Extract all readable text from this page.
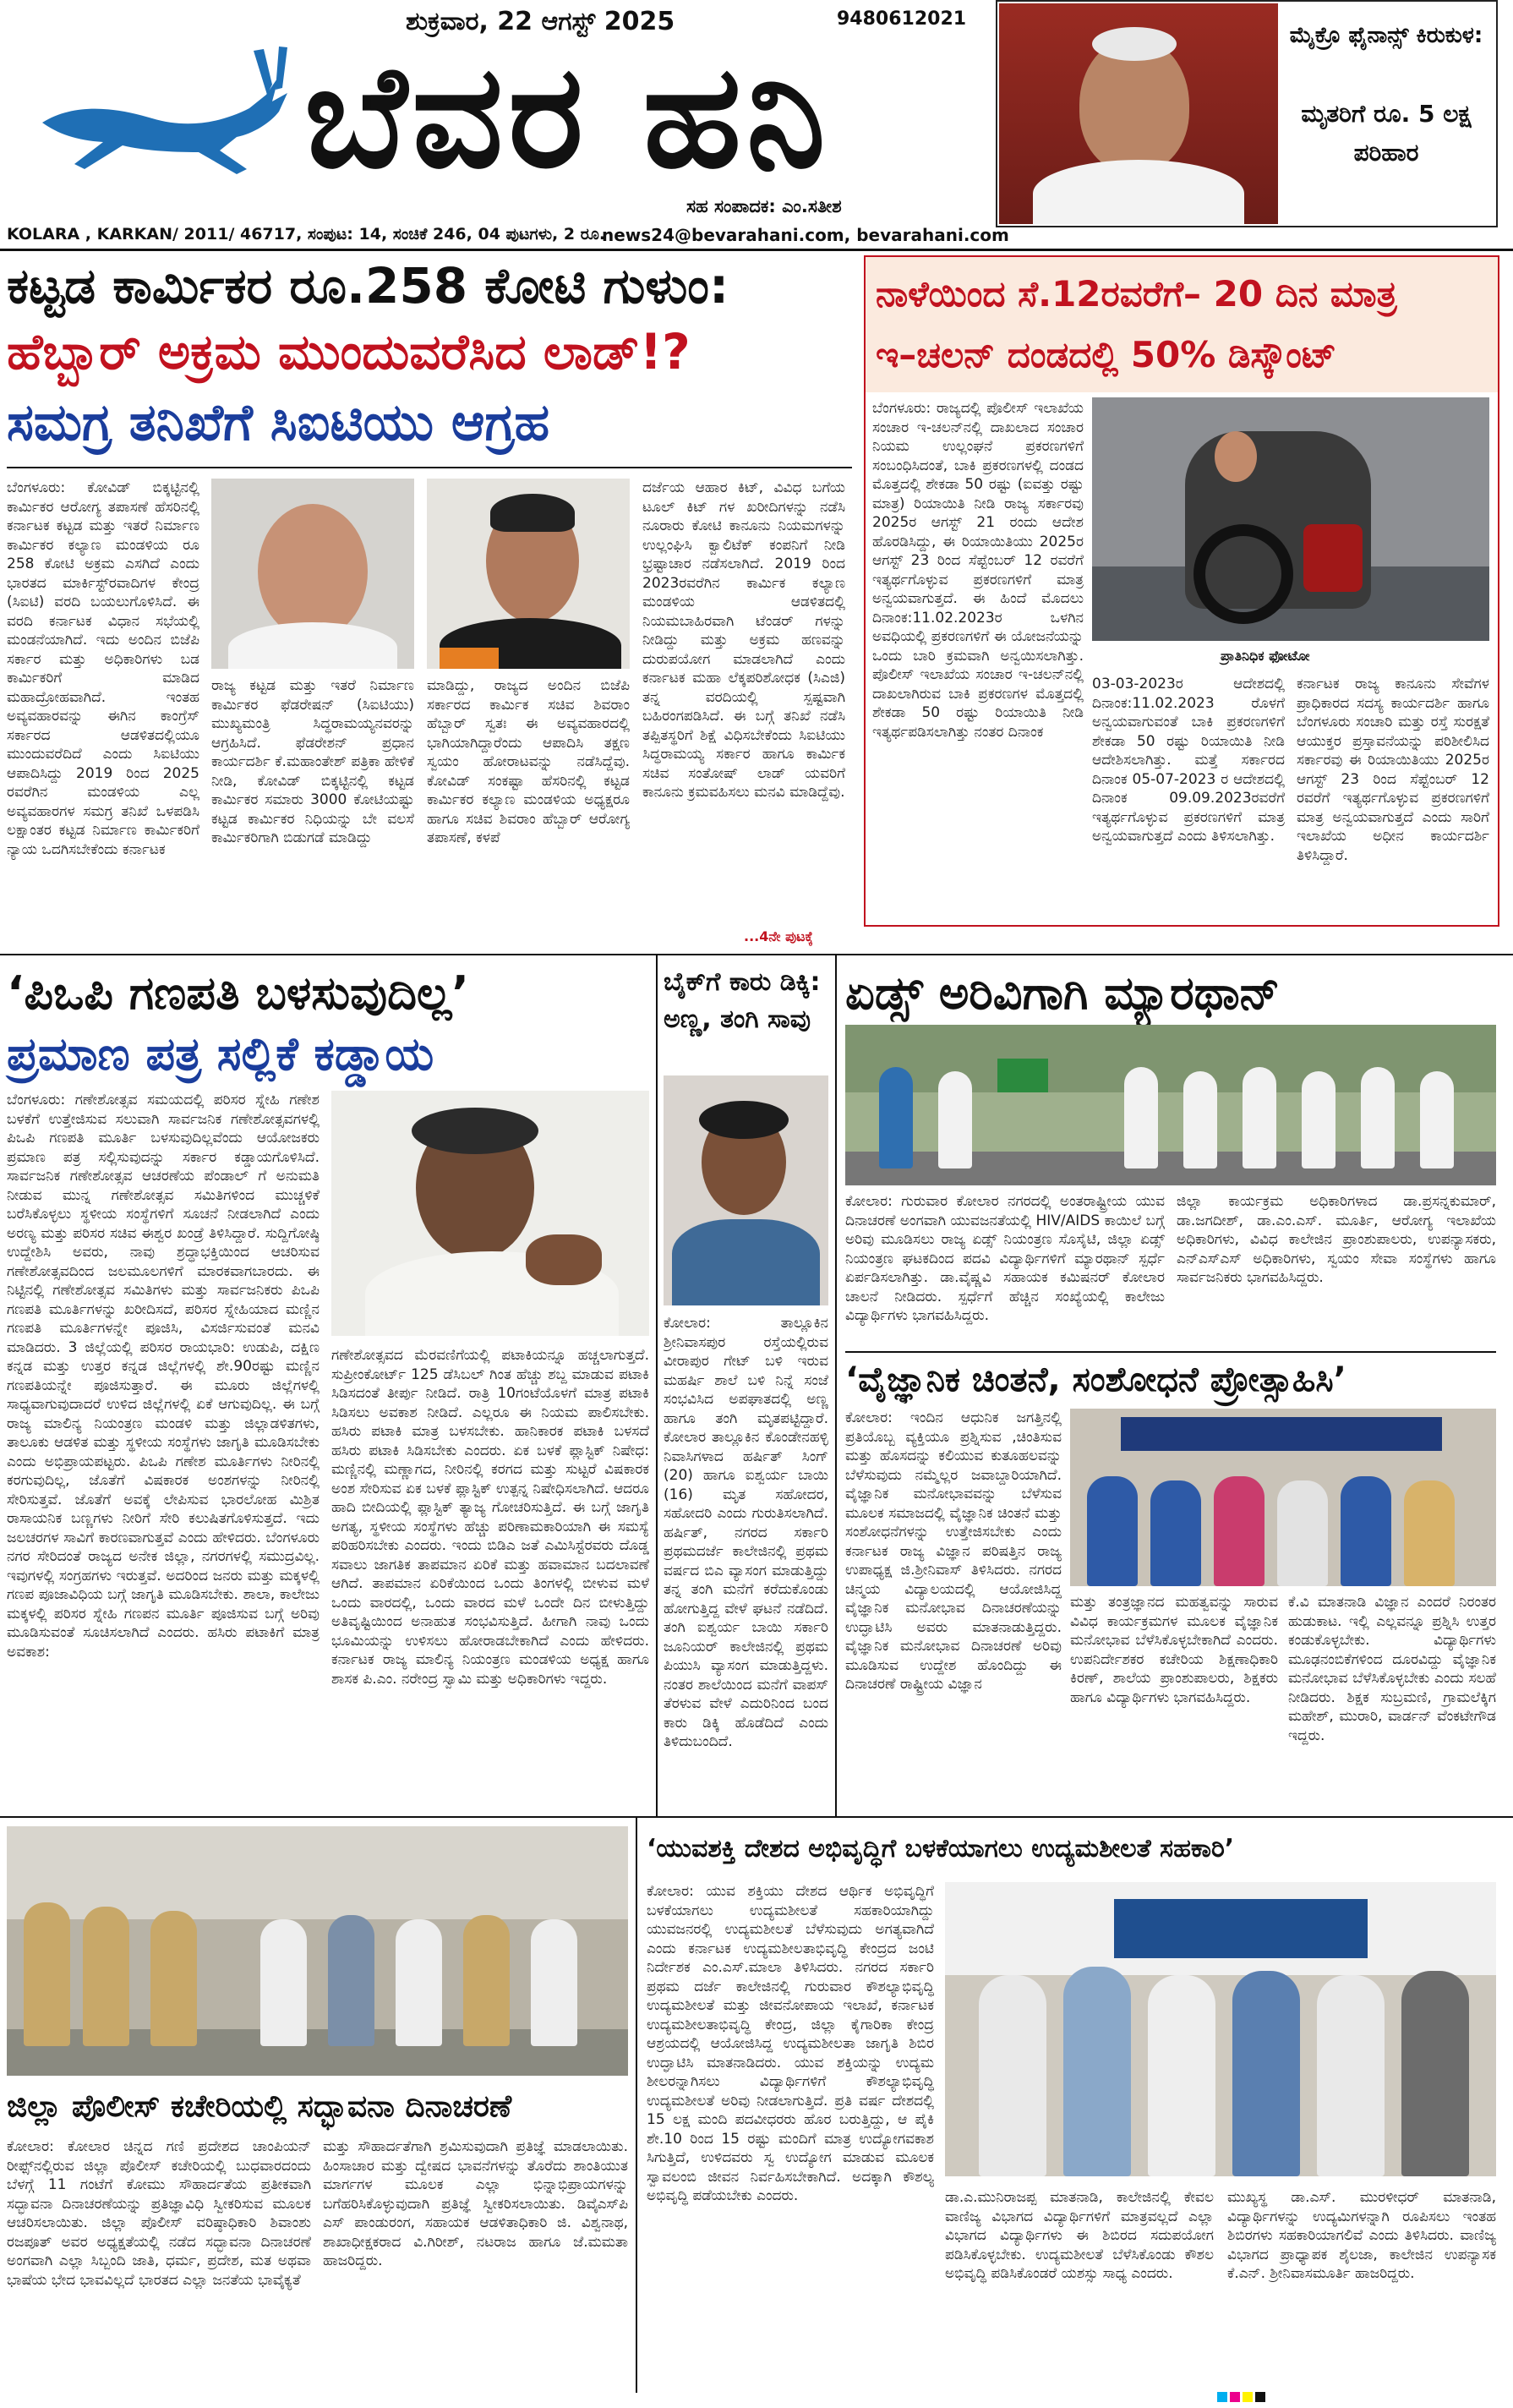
ಶುಕ್ರವಾರ, 22 ಆಗಸ್ಟ್ 2025	9480612021
ಬೆವರ ಹನಿ
ಸಹ ಸಂಪಾದಕ: ಎಂ.ಸತೀಶ
ಮೈಕ್ರೊ ಫೈನಾನ್ಸ್ ಕಿರುಕುಳ:
ಮೃತರಿಗೆ ರೂ. 5 ಲಕ್ಷ ಪರಿಹಾರ
KOLARA , KARKAN/ 2011/ 46717, ಸಂಪುಟ: 14, ಸಂಚಿಕೆ 246, 04 ಪುಟಗಳು, 2 ರೂ.
news24@bevarahani.com, bevarahani.com
ಕಟ್ಟಡ ಕಾರ್ಮಿಕರ ರೂ.258 ಕೋಟಿ ಗುಳುಂ:
ಹೆಬ್ಬಾರ್ ಅಕ್ರಮ ಮುಂದುವರೆಸಿದ ಲಾಡ್!?
ಸಮಗ್ರ ತನಿಖೆಗೆ ಸಿಐಟಿಯು ಆಗ್ರಹ
ಬೆಂಗಳೂರು: ಕೋವಿಡ್ ಬಿಕ್ಕಟ್ಟಿನಲ್ಲಿ ಕಾರ್ಮಿಕರ ಆರೋಗ್ಯ ತಪಾಸಣೆ ಹೆಸರಿನಲ್ಲಿ ಕರ್ನಾಟಕ ಕಟ್ಟಡ ಮತ್ತು ಇತರೆ ನಿರ್ಮಾಣ ಕಾರ್ಮಿಕರ ಕಲ್ಯಾಣ ಮಂಡಳಿಯ ರೂ 258 ಕೋಟಿ ಅಕ್ರಮ ಎಸಗಿದೆ ಎಂದು ಭಾರತದ ಮಾರ್ಕಿಸ್ಟ್‌ರವಾದಿಗಳ ಕೇಂದ್ರ (ಸಿಐಟಿ) ವರದಿ ಬಯಲುಗೊಳಿಸಿದೆ. ಈ ವರದಿ ಕರ್ನಾಟಕ ವಿಧಾನ ಸಭೆಯಲ್ಲಿ ಮಂಡನೆಯಾಗಿದೆ. ಇದು ಅಂದಿನ ಬಿಜೆಪಿ ಸರ್ಕಾರ ಮತ್ತು ಅಧಿಕಾರಿಗಳು ಬಡ ಕಾರ್ಮಿಕರಿಗೆ ಮಾಡಿದ ಮಹಾದ್ರೋಹವಾಗಿದೆ. ಇಂತಹ ಅವ್ಯವಹಾರವನ್ನು ಈಗಿನ ಕಾಂಗ್ರೆಸ್ ಸರ್ಕಾರದ ಆಡಳಿತದಲ್ಲಿಯೂ ಮುಂದುವರೆದಿದೆ ಎಂದು ಸಿಐಟಿಯು ಆಪಾದಿಸಿದ್ದು 2019 ರಿಂದ 2025 ರವರೆಗಿನ ಮಂಡಳಿಯ ಎಲ್ಲ ಅವ್ಯವಹಾರಗಳ ಸಮಗ್ರ ತನಿಖೆ ಒಳಪಡಿಸಿ ಲಕ್ಷಾಂತರ ಕಟ್ಟಡ ನಿರ್ಮಾಣ ಕಾರ್ಮಿಕರಿಗೆ ನ್ಯಾಯ ಒದಗಿಸಬೇಕೆಂದು ಕರ್ನಾಟಕ
ರಾಜ್ಯ ಕಟ್ಟಡ ಮತ್ತು ಇತರೆ ನಿರ್ಮಾಣ ಕಾರ್ಮಿಕರ ಫೆಡರೇಷನ್ (ಸಿಐಟಿಯು) ಮುಖ್ಯಮಂತ್ರಿ ಸಿದ್ಧರಾಮಯ್ಯನವರನ್ನು ಆಗ್ರಹಿಸಿದೆ. ಫೆಡರೇಶನ್ ಪ್ರಧಾನ ಕಾರ್ಯದರ್ಶಿ ಕೆ.ಮಹಾಂತೇಶ್ ಪತ್ರಿಕಾ ಹೇಳಿಕೆ ನೀಡಿ, ಕೋವಿಡ್ ಬಿಕ್ಕಟ್ಟಿನಲ್ಲಿ ಕಟ್ಟಡ ಕಾರ್ಮಿಕರ ಸಮಾರು 3000 ಕೋಟಿಯಷ್ಟು ಕಟ್ಟಡ ಕಾರ್ಮಿಕರ ನಿಧಿಯನ್ನು ಬೇ ವಲಸೆ ಕಾರ್ಮಿಕರಿಗಾಗಿ ಬಿಡುಗಡೆ ಮಾಡಿದ್ದು
ಮಾಡಿದ್ದು, ರಾಜ್ಯದ ಅಂದಿನ ಬಿಜೆಪಿ ಸರ್ಕಾರದ ಕಾರ್ಮಿಕ ಸಚಿವ ಶಿವರಾಂ ಹೆಬ್ಬಾರ್ ಸ್ವತಃ ಈ ಅವ್ಯವಹಾರದಲ್ಲಿ ಭಾಗಿಯಾಗಿದ್ದಾರೆಂದು ಆಪಾದಿಸಿ ತಕ್ಷಣ ಸ್ವಯಂ ಹೋರಾಟವನ್ನು ನಡೆಸಿದ್ದೆವು. ಕೋವಿಡ್ ಸಂಕಷ್ಟಾ ಹೆಸರಿನಲ್ಲಿ ಕಟ್ಟಡ ಕಾರ್ಮಿಕರ ಕಲ್ಯಾಣ ಮಂಡಳಿಯ ಅಧ್ಯಕ್ಷರೂ ಹಾಗೂ ಸಚಿವ ಶಿವರಾಂ ಹೆಬ್ಬಾರ್ ಆರೋಗ್ಯ ತಪಾಸಣೆ, ಕಳಪೆ
ದರ್ಜೆಯ ಆಹಾರ ಕಿಟ್, ವಿವಿಧ ಬಗೆಯ ಟೂಲ್ ಕಿಟ್ ಗಳ ಖರೀದಿಗಳನ್ನು ನಡೆಸಿ ನೂರಾರು ಕೋಟಿ ಕಾನೂನು ನಿಯಮಗಳನ್ನು ಉಲ್ಲಂಘಿಸಿ ಕ್ವಾಲಿಟೆಕ್ ಕಂಪನಿಗೆ ನೀಡಿ ಭ್ರಷ್ಟಾಚಾರ ನಡೆಸಲಾಗಿದೆ. 2019 ರಿಂದ 2023ರವರೆಗಿನ ಕಾರ್ಮಿಕ ಕಲ್ಯಾಣ ಮಂಡಳಿಯ ಆಡಳಿತದಲ್ಲಿ ನಿಯಮಬಾಹಿರವಾಗಿ ಟೆಂಡರ್ ಗಳನ್ನು ನೀಡಿದ್ದು ಮತ್ತು ಅಕ್ರಮ ಹಣವನ್ನು ದುರುಪಯೋಗ ಮಾಡಲಾಗಿದೆ ಎಂದು ಕರ್ನಾಟಕ ಮಹಾ ಲೆಕ್ಕಪರಿಶೋಧಕ (ಸಿಎಜಿ) ತನ್ನ ವರದಿಯಲ್ಲಿ ಸ್ಪಷ್ಟವಾಗಿ ಬಹಿರಂಗಪಡಿಸಿದೆ. ಈ ಬಗ್ಗೆ ತನಿಖೆ ನಡೆಸಿ ತಪ್ಪಿತಸ್ಥರಿಗೆ ಶಿಕ್ಷೆ ವಿಧಿಸಬೇಕೆಂದು ಸಿಐಟಿಯು ಸಿದ್ಧರಾಮಯ್ಯ ಸರ್ಕಾರ ಹಾಗೂ ಕಾರ್ಮಿಕ ಸಚಿವ ಸಂತೋಷ್ ಲಾಡ್ ಯವರಿಗೆ ಕಾನೂನು ಕ್ರಮವಹಿಸಲು ಮನವಿ ಮಾಡಿದ್ದೆವು.
...4ನೇ ಪುಟಕ್ಕೆ
ನಾಳೆಯಿಂದ ಸೆ.12ರವರೆಗೆ– 20 ದಿನ ಮಾತ್ರ
ಇ–ಚಲನ್ ದಂಡದಲ್ಲಿ 50% ಡಿಸ್ಕೌಂಟ್
ಬೆಂಗಳೂರು: ರಾಜ್ಯದಲ್ಲಿ ಪೊಲೀಸ್ ಇಲಾಖೆಯ ಸಂಚಾರ ಇ-ಚಲನ್‌ನಲ್ಲಿ ದಾಖಲಾದ ಸಂಚಾರ ನಿಯಮ ಉಲ್ಲಂಘನೆ ಪ್ರಕರಣಗಳಿಗೆ ಸಂಬಂಧಿಸಿದಂತೆ, ಬಾಕಿ ಪ್ರಕರಣಗಳಲ್ಲಿ ದಂಡದ ಮೊತ್ತದಲ್ಲಿ ಶೇಕಡಾ 50 ರಷ್ಟು (ಐವತ್ತು ರಷ್ಟು ಮಾತ್ರ) ರಿಯಾಯಿತಿ ನೀಡಿ ರಾಜ್ಯ ಸರ್ಕಾರವು 2025ರ ಆಗಸ್ಟ್ 21 ರಂದು ಆದೇಶ ಹೊರಡಿಸಿದ್ದು, ಈ ರಿಯಾಯಿತಿಯು 2025ರ ಆಗಸ್ಟ್ 23 ರಿಂದ ಸೆಪ್ಟೆಂಬರ್ 12 ರವರೆಗೆ ಇತ್ಯರ್ಥಗೊಳ್ಳುವ ಪ್ರಕರಣಗಳಿಗೆ ಮಾತ್ರ ಅನ್ವಯವಾಗುತ್ತದೆ. ಈ ಹಿಂದೆ ಮೊದಲು ದಿನಾಂಕ:11.02.2023ರ ಒಳಗಿನ ಅವಧಿಯಲ್ಲಿ ಪ್ರಕರಣಗಳಿಗೆ ಈ ಯೋಜನೆಯನ್ನು ಒಂದು ಬಾರಿ ಕ್ರಮವಾಗಿ ಅನ್ವಯಿಸಲಾಗಿತ್ತು. ಪೊಲೀಸ್ ಇಲಾಖೆಯ ಸಂಚಾರ ಇ-ಚಲನ್‌ನಲ್ಲಿ ದಾಖಲಾಗಿರುವ ಬಾಕಿ ಪ್ರಕರಣಗಳ ಮೊತ್ತದಲ್ಲಿ ಶೇಕಡಾ 50 ರಷ್ಟು ರಿಯಾಯಿತಿ ನೀಡಿ ಇತ್ಯರ್ಥಪಡಿಸಲಾಗಿತ್ತು ನಂತರ ದಿನಾಂಕ
ಪ್ರಾತಿನಿಧಿಕ ಫೋಟೋ
03-03-2023ರ ಆದೇಶದಲ್ಲಿ ದಿನಾಂಕ:11.02.2023 ರೊಳಗೆ ಅನ್ವಯವಾಗುವಂತೆ ಬಾಕಿ ಪ್ರಕರಣಗಳಿಗೆ ಶೇಕಡಾ 50 ರಷ್ಟು ರಿಯಾಯಿತಿ ನೀಡಿ ಆದೇಶಿಸಲಾಗಿತ್ತು. ಮತ್ತೆ ಸರ್ಕಾರದ ದಿನಾಂಕ 05-07-2023 ರ ಆದೇಶದಲ್ಲಿ ದಿನಾಂಕ 09.09.2023ರವರೆಗೆ ಇತ್ಯರ್ಥಗೊಳ್ಳುವ ಪ್ರಕರಣಗಳಿಗೆ ಮಾತ್ರ ಅನ್ವಯವಾಗುತ್ತದೆ ಎಂದು ತಿಳಿಸಲಾಗಿತ್ತು.
ಕರ್ನಾಟಕ ರಾಜ್ಯ ಕಾನೂನು ಸೇವೆಗಳ ಪ್ರಾಧಿಕಾರದ ಸದಸ್ಯ ಕಾರ್ಯದರ್ಶಿ ಹಾಗೂ ಬೆಂಗಳೂರು ಸಂಚಾರಿ ಮತ್ತು ರಸ್ತೆ ಸುರಕ್ಷತೆ ಆಯುಕ್ತರ ಪ್ರಸ್ತಾವನೆಯನ್ನು ಪರಿಶೀಲಿಸಿದ ಸರ್ಕಾರವು ಈ ರಿಯಾಯಿತಿಯು 2025ರ ಆಗಸ್ಟ್ 23 ರಿಂದ ಸೆಪ್ಟೆಂಬರ್ 12 ರವರೆಗೆ ಇತ್ಯರ್ಥಗೊಳ್ಳುವ ಪ್ರಕರಣಗಳಿಗೆ ಮಾತ್ರ ಅನ್ವಯವಾಗುತ್ತದೆ ಎಂದು ಸಾರಿಗೆ ಇಲಾಖೆಯ ಅಧೀನ ಕಾರ್ಯದರ್ಶಿ ತಿಳಿಸಿದ್ದಾರೆ.
‘ಪಿಒಪಿ ಗಣಪತಿ ಬಳಸುವುದಿಲ್ಲ’
ಪ್ರಮಾಣ ಪತ್ರ ಸಲ್ಲಿಕೆ ಕಡ್ಡಾಯ
ಬೆಂಗಳೂರು: ಗಣೇಶೋತ್ಸವ ಸಮಯದಲ್ಲಿ ಪರಿಸರ ಸ್ನೇಹಿ ಗಣೇಶ ಬಳಕೆಗೆ ಉತ್ತೇಜಿಸುವ ಸಲುವಾಗಿ ಸಾರ್ವಜನಿಕ ಗಣೇಶೋತ್ಸವಗಳಲ್ಲಿ ಪಿಒಪಿ ಗಣಪತಿ ಮೂರ್ತಿ ಬಳಸುವುದಿಲ್ಲವೆಂದು ಆಯೋಜಕರು ಪ್ರಮಾಣ ಪತ್ರ ಸಲ್ಲಿಸುವುದನ್ನು ಸರ್ಕಾರ ಕಡ್ಡಾಯಗೊಳಿಸಿದೆ. ಸಾರ್ವಜನಿಕ ಗಣೇಶೋತ್ಸವ ಆಚರಣೆಯ ಪೆಂಡಾಲ್ ಗೆ ಅನುಮತಿ ನೀಡುವ ಮುನ್ನ ಗಣೇಶೋತ್ಸವ ಸಮಿತಿಗಳಿಂದ ಮುಚ್ಚಳಿಕೆ ಬರೆಸಿಕೊಳ್ಳಲು ಸ್ಥಳೀಯ ಸಂಸ್ಥೆಗಳಿಗೆ ಸೂಚನೆ ನೀಡಲಾಗಿದೆ ಎಂದು ಅರಣ್ಯ ಮತ್ತು ಪರಿಸರ ಸಚಿವ ಈಶ್ವರ ಖಂಡ್ರೆ ತಿಳಿಸಿದ್ದಾರೆ. ಸುದ್ದಿಗೋಷ್ಠಿ ಉದ್ದೇಶಿಸಿ ಅವರು, ನಾವು ಶ್ರದ್ಧಾಭಕ್ತಿಯಿಂದ ಆಚರಿಸುವ ಗಣೇಶೋತ್ಸವದಿಂದ ಜಲಮೂಲಗಳಿಗೆ ಮಾರಕವಾಗಬಾರದು. ಈ ನಿಟ್ಟಿನಲ್ಲಿ ಗಣೇಶೋತ್ಸವ ಸಮಿತಿಗಳು ಮತ್ತು ಸಾರ್ವಜನಿಕರು ಪಿಒಪಿ ಗಣಪತಿ ಮೂರ್ತಿಗಳನ್ನು ಖರೀದಿಸದೆ, ಪರಿಸರ ಸ್ನೇಹಿಯಾದ ಮಣ್ಣಿನ ಗಣಪತಿ ಮೂರ್ತಿಗಳನ್ನೇ ಪೂಜಿಸಿ, ವಿಸರ್ಜಿಸುವಂತೆ ಮನವಿ ಮಾಡಿದರು. 3 ಜಿಲ್ಲೆಯಲ್ಲಿ ಪರಿಸರ ರಾಯಭಾರಿ: ಉಡುಪಿ, ದಕ್ಷಿಣ ಕನ್ನಡ ಮತ್ತು ಉತ್ತರ ಕನ್ನಡ ಜಿಲ್ಲೆಗಳಲ್ಲಿ ಶೇ.90ರಷ್ಟು ಮಣ್ಣಿನ ಗಣಪತಿಯನ್ನೇ ಪೂಜಿಸುತ್ತಾರೆ. ಈ ಮೂರು ಜಿಲ್ಲೆಗಳಲ್ಲಿ ಸಾಧ್ಯವಾಗುವುದಾದರೆ ಉಳಿದ ಜಿಲ್ಲೆಗಳಲ್ಲಿ ಏಕೆ ಆಗುವುದಿಲ್ಲ. ಈ ಬಗ್ಗೆ ರಾಜ್ಯ ಮಾಲಿನ್ಯ ನಿಯಂತ್ರಣ ಮಂಡಳಿ ಮತ್ತು ಜಿಲ್ಲಾಡಳಿತಗಳು, ತಾಲೂಕು ಆಡಳಿತ ಮತ್ತು ಸ್ಥಳೀಯ ಸಂಸ್ಥೆಗಳು ಜಾಗೃತಿ ಮೂಡಿಸಬೇಕು ಎಂದು ಅಭಿಪ್ರಾಯಪಟ್ಟರು. ಪಿಒಪಿ ಗಣೇಶ ಮೂರ್ತಿಗಳು ನೀರಿನಲ್ಲಿ ಕರಗುವುದಿಲ್ಲ, ಜೊತೆಗೆ ವಿಷಕಾರಕ ಅಂಶಗಳನ್ನು ನೀರಿನಲ್ಲಿ ಸೇರಿಸುತ್ತವೆ. ಜೊತೆಗೆ ಅವಕ್ಕೆ ಲೇಪಿಸುವ ಭಾರಲೋಹ ಮಿಶ್ರಿತ ರಾಸಾಯನಿಕ ಬಣ್ಣಗಳು ನೀರಿಗೆ ಸೇರಿ ಕಲುಷಿತಗೊಳಿಸುತ್ತದೆ. ಇದು ಜಲಚರಗಳ ಸಾವಿಗೆ ಕಾರಣವಾಗುತ್ತವೆ ಎಂದು ಹೇಳಿದರು. ಬೆಂಗಳೂರು ನಗರ ಸೇರಿದಂತೆ ರಾಜ್ಯದ ಅನೇಕ ಜಿಲ್ಲಾ, ನಗರಗಳಲ್ಲಿ ಸಮುದ್ರವಿಲ್ಲ. ಇವುಗಳಲ್ಲಿ ಸಂಗ್ರಹಗಳು ಇರುತ್ತವೆ. ಅದರಿಂದ ಜನರು ಮತ್ತು ಮಕ್ಕಳಲ್ಲಿ ಗಣಪ ಪೂಜಾವಿಧಿಯ ಬಗ್ಗೆ ಜಾಗೃತಿ ಮೂಡಿಸಬೇಕು. ಶಾಲಾ, ಕಾಲೇಜು ಮಕ್ಕಳಲ್ಲಿ ಪರಿಸರ ಸ್ನೇಹಿ ಗಣಪನ ಮೂರ್ತಿ ಪೂಜಿಸುವ ಬಗ್ಗೆ ಅರಿವು ಮೂಡಿಸುವಂತೆ ಸೂಚಿಸಲಾಗಿದೆ ಎಂದರು. ಹಸಿರು ಪಟಾಕಿಗೆ ಮಾತ್ರ ಅವಕಾಶ:
ಗಣೇಶೋತ್ಸವದ ಮೆರವಣಿಗೆಯಲ್ಲಿ ಪಟಾಕಿಯನ್ನೂ ಹಚ್ಚಲಾಗುತ್ತದೆ. ಸುಪ್ರೀಂಕೋರ್ಟ್ 125 ಡೆಸಿಬಲ್ ಗಿಂತ ಹೆಚ್ಚು ಶಬ್ದ ಮಾಡುವ ಪಟಾಕಿ ಸಿಡಿಸದಂತೆ ತೀರ್ಪು ನೀಡಿದೆ. ರಾತ್ರಿ 10ಗಂಟೆಯೊಳಗೆ ಮಾತ್ರ ಪಟಾಕಿ ಸಿಡಿಸಲು ಅವಕಾಶ ನೀಡಿದೆ. ಎಲ್ಲರೂ ಈ ನಿಯಮ ಪಾಲಿಸಬೇಕು. ಹಸಿರು ಪಟಾಕಿ ಮಾತ್ರ ಬಳಸಬೇಕು. ಹಾನಿಕಾರಕ ಪಟಾಕಿ ಬಳಸದೆ ಹಸಿರು ಪಟಾಕಿ ಸಿಡಿಸಬೇಕು ಎಂದರು. ಏಕ ಬಳಕೆ ಪ್ಲಾಸ್ಟಿಕ್ ನಿಷೇಧ: ಮಣ್ಣಿನಲ್ಲಿ ಮಣ್ಣಾಗದ, ನೀರಿನಲ್ಲಿ ಕರಗದ ಮತ್ತು ಸುಟ್ಟರೆ ವಿಷಕಾರಕ ಅಂಶ ಸೇರಿಸುವ ಏಕ ಬಳಕೆ ಪ್ಲಾಸ್ಟಿಕ್ ಉತ್ಪನ್ನ ನಿಷೇಧಿಸಲಾಗಿದೆ. ಆದರೂ ಹಾದಿ ಬೀದಿಯಲ್ಲಿ ಪ್ಲಾಸ್ಟಿಕ್ ತ್ಯಾಜ್ಯ ಗೋಚರಿಸುತ್ತಿದೆ. ಈ ಬಗ್ಗೆ ಜಾಗೃತಿ ಅಗತ್ಯ, ಸ್ಥಳೀಯ ಸಂಸ್ಥೆಗಳು ಹೆಚ್ಚು ಪರಿಣಾಮಕಾರಿಯಾಗಿ ಈ ಸಮಸ್ಯೆ ಪರಿಹರಿಸಬೇಕು ಎಂದರು. ಇಂದು ಬಿಡಿಎ ಜತೆ ಎಮಿಸಿಸ್ಟೆರವರು ದೊಡ್ಡ ಸವಾಲು ಜಾಗತಿಕ ತಾಪಮಾನ ಏರಿಕೆ ಮತ್ತು ಹವಾಮಾನ ಬದಲಾವಣೆ ಆಗಿದೆ. ತಾಪಮಾನ ಏರಿಕೆಯಿಂದ ಒಂದು ತಿಂಗಳಲ್ಲಿ ಬೀಳುವ ಮಳೆ ಒಂದು ವಾರದಲ್ಲಿ, ಒಂದು ವಾರದ ಮಳೆ ಒಂದೇ ದಿನ ಬೀಳುತ್ತಿದ್ದು ಅತಿವೃಷ್ಟಿಯಿಂದ ಅನಾಹುತ ಸಂಭವಿಸುತ್ತಿದೆ. ಹೀಗಾಗಿ ನಾವು ಒಂದು ಭೂಮಿಯನ್ನು ಉಳಿಸಲು ಹೋರಾಡಬೇಕಾಗಿದೆ ಎಂದು ಹೇಳಿದರು. ಕರ್ನಾಟಕ ರಾಜ್ಯ ಮಾಲಿನ್ಯ ನಿಯಂತ್ರಣ ಮಂಡಳಿಯ ಅಧ್ಯಕ್ಷ ಹಾಗೂ ಶಾಸಕ ಪಿ.ಎಂ. ನರೇಂದ್ರ ಸ್ವಾಮಿ ಮತ್ತು ಅಧಿಕಾರಿಗಳು ಇದ್ದರು.
ಬೈಕ್‌ಗೆ ಕಾರು ಡಿಕ್ಕಿ: ಅಣ್ಣ, ತಂಗಿ ಸಾವು
ಕೋಲಾರ: ತಾಲ್ಲೂಕಿನ ಶ್ರೀನಿವಾಸಪುರ ರಸ್ತೆಯಲ್ಲಿರುವ ವೀರಾಪುರ ಗೇಟ್ ಬಳಿ ಇರುವ ಮಹರ್ಷಿ ಶಾಲೆ ಬಳಿ ನಿನ್ನೆ ಸಂಜೆ ಸಂಭವಿಸಿದ ಅಪಘಾತದಲ್ಲಿ ಅಣ್ಣ ಹಾಗೂ ತಂಗಿ ಮೃತಪಟ್ಟಿದ್ದಾರೆ. ಕೋಲಾರ ತಾಲ್ಲೂಕಿನ ಕೊಂಡೇನಹಳ್ಳಿ ನಿವಾಸಿಗಳಾದ ಹರ್ಷಿತ್ ಸಿಂಗ್ (20) ಹಾಗೂ ಐಶ್ವರ್ಯ ಬಾಯಿ (16) ಮೃತ ಸಹೋದರ, ಸಹೋದರಿ ಎಂದು ಗುರುತಿಸಲಾಗಿದೆ. ಹರ್ಷಿತ್, ನಗರದ ಸರ್ಕಾರಿ ಪ್ರಥಮದರ್ಜೆ ಕಾಲೇಜಿನಲ್ಲಿ ಪ್ರಥಮ ವರ್ಷದ ಬಿಎ ವ್ಯಾಸಂಗ ಮಾಡುತ್ತಿದ್ದು ತನ್ನ ತಂಗಿ ಮನೆಗೆ ಕರೆದುಕೊಂಡು ಹೋಗುತ್ತಿದ್ದ ವೇಳೆ ಘಟನೆ ನಡೆದಿದೆ. ತಂಗಿ ಐಶ್ವರ್ಯ ಬಾಯಿ ಸರ್ಕಾರಿ ಜೂನಿಯರ್ ಕಾಲೇಜಿನಲ್ಲಿ ಪ್ರಥಮ ಪಿಯುಸಿ ವ್ಯಾಸಂಗ ಮಾಡುತ್ತಿದ್ದಳು. ನಂತರ ಶಾಲೆಯಿಂದ ಮನೆಗೆ ವಾಪಸ್ ತೆರಳುವ ವೇಳೆ ಎದುರಿನಿಂದ ಬಂದ ಕಾರು ಡಿಕ್ಕಿ ಹೊಡೆದಿದೆ ಎಂದು ತಿಳಿದುಬಂದಿದೆ.
ಏಡ್ಸ್ ಅರಿವಿಗಾಗಿ ಮ್ಯಾರಥಾನ್
ಕೋಲಾರ: ಗುರುವಾರ ಕೋಲಾರ ನಗರದಲ್ಲಿ ಅಂತರಾಷ್ಟ್ರೀಯ ಯುವ ದಿನಾಚರಣೆ ಅಂಗವಾಗಿ ಯುವಜನತೆಯಲ್ಲಿ HIV/AIDS ಕಾಯಿಲೆ ಬಗ್ಗೆ ಅರಿವು ಮೂಡಿಸಲು ರಾಜ್ಯ ಏಡ್ಸ್ ನಿಯಂತ್ರಣ ಸೊಸೈಟಿ, ಜಿಲ್ಲಾ ಏಡ್ಸ್ ನಿಯಂತ್ರಣ ಘಟಕದಿಂದ ಪದವಿ ವಿದ್ಯಾರ್ಥಿಗಳಿಗೆ ಮ್ಯಾರಥಾನ್ ಸ್ಪರ್ಧೆ ಏರ್ಪಡಿಸಲಾಗಿತ್ತು. ಡಾ.ವೈಷ್ಣವಿ ಸಹಾಯಕ ಕಮಿಷನರ್ ಕೋಲಾರ ಚಾಲನೆ ನೀಡಿದರು. ಸ್ಪರ್ಧೆಗೆ ಹೆಚ್ಚಿನ ಸಂಖ್ಯೆಯಲ್ಲಿ ಕಾಲೇಜು ವಿದ್ಯಾರ್ಥಿಗಳು ಭಾಗವಹಿಸಿದ್ದರು.
ಜಿಲ್ಲಾ ಕಾರ್ಯಕ್ರಮ ಅಧಿಕಾರಿಗಳಾದ ಡಾ.ಪ್ರಸನ್ನಕುಮಾರ್, ಡಾ.ಜಗದೀಶ್, ಡಾ.ಎಂ.ಎಸ್. ಮೂರ್ತಿ, ಆರೋಗ್ಯ ಇಲಾಖೆಯ ಅಧಿಕಾರಿಗಳು, ವಿವಿಧ ಕಾಲೇಜಿನ ಪ್ರಾಂಶುಪಾಲರು, ಉಪನ್ಯಾಸಕರು, ಎನ್‌ಎಸ್‌ಎಸ್ ಅಧಿಕಾರಿಗಳು, ಸ್ವಯಂ ಸೇವಾ ಸಂಸ್ಥೆಗಳು ಹಾಗೂ ಸಾರ್ವಜನಿಕರು ಭಾಗವಹಿಸಿದ್ದರು.
‘ವೈಜ್ಞಾನಿಕ ಚಿಂತನೆ, ಸಂಶೋಧನೆ ಪ್ರೋತ್ಸಾಹಿಸಿ’
ಕೋಲಾರ: ಇಂದಿನ ಆಧುನಿಕ ಜಗತ್ತಿನಲ್ಲಿ ಪ್ರತಿಯೊಬ್ಬ ವ್ಯಕ್ತಿಯೂ ಪ್ರಶ್ನಿಸುವ ,ಚಿಂತಿಸುವ ಮತ್ತು ಹೊಸದನ್ನು ಕಲಿಯುವ ಕುತೂಹಲವನ್ನು ಬೆಳೆಸುವುದು ನಮ್ಮೆಲ್ಲರ ಜವಾಬ್ದಾರಿಯಾಗಿದೆ. ವೈಜ್ಞಾನಿಕ ಮನೋಭಾವವನ್ನು ಬೆಳೆಸುವ ಮೂಲಕ ಸಮಾಜದಲ್ಲಿ ವೈಜ್ಞಾನಿಕ ಚಿಂತನೆ ಮತ್ತು ಸಂಶೋಧನೆಗಳನ್ನು ಉತ್ತೇಜಿಸಬೇಕು ಎಂದು ಕರ್ನಾಟಕ ರಾಜ್ಯ ವಿಜ್ಞಾನ ಪರಿಷತ್ತಿನ ರಾಜ್ಯ ಉಪಾಧ್ಯಕ್ಷ ಜಿ.ಶ್ರೀನಿವಾಸ್ ತಿಳಿಸಿದರು. ನಗರದ ಚಿನ್ಮಯ ವಿದ್ಯಾಲಯದಲ್ಲಿ ಆಯೋಜಿಸಿದ್ದ ವೈಜ್ಞಾನಿಕ ಮನೋಭಾವ ದಿನಾಚರಣೆಯನ್ನು ಉದ್ಘಾಟಿಸಿ ಅವರು ಮಾತನಾಡುತ್ತಿದ್ದರು. ವೈಜ್ಞಾನಿಕ ಮನೋಭಾವ ದಿನಾಚರಣೆ ಅರಿವು ಮೂಡಿಸುವ ಉದ್ದೇಶ ಹೊಂದಿದ್ದು ಈ ದಿನಾಚರಣೆ ರಾಷ್ಟ್ರೀಯ ವಿಜ್ಞಾನ
ಮತ್ತು ತಂತ್ರಜ್ಞಾನದ ಮಹತ್ವವನ್ನು ಸಾರುವ ವಿವಿಧ ಕಾರ್ಯಕ್ರಮಗಳ ಮೂಲಕ ವೈಜ್ಞಾನಿಕ ಮನೋಭಾವ ಬೆಳೆಸಿಕೊಳ್ಳಬೇಕಾಗಿದೆ ಎಂದರು. ಉಪನಿರ್ದೇಶಕರ ಕಚೇರಿಯ ಶಿಕ್ಷಣಾಧಿಕಾರಿ ಕಿರಣ್, ಶಾಲೆಯ ಪ್ರಾಂಶುಪಾಲರು, ಶಿಕ್ಷಕರು ಹಾಗೂ ವಿದ್ಯಾರ್ಥಿಗಳು ಭಾಗವಹಿಸಿದ್ದರು.
ಕೆ.ವಿ ಮಾತನಾಡಿ ವಿಜ್ಞಾನ ಎಂದರೆ ನಿರಂತರ ಹುಡುಕಾಟ. ಇಲ್ಲಿ ಎಲ್ಲವನ್ನೂ ಪ್ರಶ್ನಿಸಿ ಉತ್ತರ ಕಂಡುಕೊಳ್ಳಬೇಕು. ವಿದ್ಯಾರ್ಥಿಗಳು ಮೂಢನಂಬಿಕೆಗಳಿಂದ ದೂರವಿದ್ದು ವೈಜ್ಞಾನಿಕ ಮನೋಭಾವ ಬೆಳೆಸಿಕೊಳ್ಳಬೇಕು ಎಂದು ಸಲಹೆ ನೀಡಿದರು. ಶಿಕ್ಷಕ ಸುಬ್ರಮಣಿ, ಗ್ರಾಮಲೆಕ್ಕಿಗ ಮಹೇಶ್, ಮುರಾರಿ, ವಾರ್ಡನ್ ವೆಂಕಟೇಗೌಡ ಇದ್ದರು.
ಜಿಲ್ಲಾ ಪೊಲೀಸ್ ಕಚೇರಿಯಲ್ಲಿ ಸದ್ಭಾವನಾ ದಿನಾಚರಣೆ
ಕೋಲಾರ: ಕೋಲಾರ ಚಿನ್ನದ ಗಣಿ ಪ್ರದೇಶದ ಚಾಂಪಿಯನ್ ರೀಫ್ಸ್‌ನಲ್ಲಿರುವ ಜಿಲ್ಲಾ ಪೊಲೀಸ್ ಕಚೇರಿಯಲ್ಲಿ ಬುಧವಾರದಂದು ಬೆಳಗ್ಗೆ 11 ಗಂಟೆಗೆ ಕೋಮು ಸೌಹಾರ್ದತೆಯ ಪ್ರತೀಕವಾಗಿ ಸದ್ಭಾವನಾ ದಿನಾಚರಣೆಯನ್ನು ಪ್ರತಿಜ್ಞಾವಿಧಿ ಸ್ವೀಕರಿಸುವ ಮೂಲಕ ಆಚರಿಸಲಾಯಿತು. ಜಿಲ್ಲಾ ಪೊಲೀಸ್ ವರಿಷ್ಠಾಧಿಕಾರಿ ಶಿವಾಂಶು ರಜಪೂತ್ ಅವರ ಅಧ್ಯಕ್ಷತೆಯಲ್ಲಿ ನಡೆದ ಸದ್ಭಾವನಾ ದಿನಾಚರಣೆ ಅಂಗವಾಗಿ ಎಲ್ಲಾ ಸಿಬ್ಬಂದಿ ಜಾತಿ, ಧರ್ಮ, ಪ್ರದೇಶ, ಮತ ಅಥವಾ ಭಾಷೆಯ ಭೇದ ಭಾವವಿಲ್ಲದೆ ಭಾರತದ ಎಲ್ಲಾ ಜನತೆಯ ಭಾವೈಕ್ಯತೆ
ಮತ್ತು ಸೌಹಾರ್ದತೆಗಾಗಿ ಶ್ರಮಿಸುವುದಾಗಿ ಪ್ರತಿಜ್ಞೆ ಮಾಡಲಾಯಿತು. ಹಿಂಸಾಚಾರ ಮತ್ತು ದ್ವೇಷದ ಭಾವನೆಗಳನ್ನು ತೊರೆದು ಶಾಂತಿಯುತ ಮಾರ್ಗಗಳ ಮೂಲಕ ಎಲ್ಲಾ ಭಿನ್ನಾಭಿಪ್ರಾಯಗಳನ್ನು ಬಗೆಹರಿಸಿಕೊಳ್ಳುವುದಾಗಿ ಪ್ರತಿಜ್ಞೆ ಸ್ವೀಕರಿಸಲಾಯಿತು. ಡಿವೈಎಸ್‌ಪಿ ಎಸ್ ಪಾಂಡುರಂಗ, ಸಹಾಯಕ ಆಡಳಿತಾಧಿಕಾರಿ ಜಿ. ವಿಶ್ವನಾಥ, ಶಾಖಾಧೀಕ್ಷಕರಾದ ವಿ.ಗಿರೀಶ್, ನಟರಾಜ ಹಾಗೂ ಜೆ.ಮಮತಾ ಹಾಜರಿದ್ದರು.
‘ಯುವಶಕ್ತಿ ದೇಶದ ಅಭಿವೃದ್ಧಿಗೆ ಬಳಕೆಯಾಗಲು ಉದ್ಯಮಶೀಲತೆ ಸಹಕಾರಿ’
ಕೋಲಾರ: ಯುವ ಶಕ್ತಿಯು ದೇಶದ ಆರ್ಥಿಕ ಅಭಿವೃದ್ಧಿಗೆ ಬಳಕೆಯಾಗಲು ಉದ್ಯಮಶೀಲತೆ ಸಹಕಾರಿಯಾಗಿದ್ದು ಯುವಜನರಲ್ಲಿ ಉದ್ಯಮಶೀಲತೆ ಬೆಳೆಸುವುದು ಅಗತ್ಯವಾಗಿದೆ ಎಂದು ಕರ್ನಾಟಕ ಉದ್ಯಮಶೀಲತಾಭಿವೃದ್ಧಿ ಕೇಂದ್ರದ ಜಂಟಿ ನಿರ್ದೇಶಕ ಎಂ.ಎಸ್.ಮಾಲಾ ತಿಳಿಸಿದರು. ನಗರದ ಸರ್ಕಾರಿ ಪ್ರಥಮ ದರ್ಜೆ ಕಾಲೇಜಿನಲ್ಲಿ ಗುರುವಾರ ಕೌಶಲ್ಯಾಭಿವೃದ್ಧಿ ಉದ್ಯಮಶೀಲತೆ ಮತ್ತು ಜೀವನೋಪಾಯ ಇಲಾಖೆ, ಕರ್ನಾಟಕ ಉದ್ಯಮಶೀಲತಾಭಿವೃದ್ಧಿ ಕೇಂದ್ರ, ಜಿಲ್ಲಾ ಕೈಗಾರಿಕಾ ಕೇಂದ್ರ ಆಶ್ರಯದಲ್ಲಿ ಆಯೋಜಿಸಿದ್ದ ಉದ್ಯಮಶೀಲತಾ ಜಾಗೃತಿ ಶಿಬಿರ ಉದ್ಘಾಟಿಸಿ ಮಾತನಾಡಿದರು. ಯುವ ಶಕ್ತಿಯನ್ನು ಉದ್ಯಮ ಶೀಲರನ್ನಾಗಿಸಲು ವಿದ್ಯಾರ್ಥಿಗಳಿಗೆ ಕೌಶಲ್ಯಾಭಿವೃದ್ಧಿ ಉದ್ಯಮಶೀಲತೆ ಅರಿವು ನೀಡಲಾಗುತ್ತಿದೆ. ಪ್ರತಿ ವರ್ಷ ದೇಶದಲ್ಲಿ 15 ಲಕ್ಷ ಮಂದಿ ಪದವೀಧರರು ಹೊರ ಬರುತ್ತಿದ್ದು, ಆ ಪೈಕಿ ಶೇ.10 ರಿಂದ 15 ರಷ್ಟು ಮಂದಿಗೆ ಮಾತ್ರ ಉದ್ಯೋಗವಕಾಶ ಸಿಗುತ್ತಿದೆ, ಉಳಿದವರು ಸ್ವ ಉದ್ಯೋಗ ಮಾಡುವ ಮೂಲಕ ಸ್ವಾವಲಂಬಿ ಜೀವನ ನಿರ್ವಹಿಸಬೇಕಾಗಿದೆ. ಅದಕ್ಕಾಗಿ ಕೌಶಲ್ಯ ಅಭಿವೃದ್ಧಿ ಪಡೆಯಬೇಕು ಎಂದರು.	ಡಾ.ಎ.ಮುನಿರಾಜಪ್ಪ ಮಾತನಾಡಿ, ಕಾಲೇಜಿನಲ್ಲಿ ಕೇವಲ ವಾಣಿಜ್ಯ ವಿಭಾಗದ ವಿದ್ಯಾರ್ಥಿಗಳಿಗೆ ಮಾತ್ರವಲ್ಲದೆ ಎಲ್ಲಾ ವಿಭಾಗದ ವಿದ್ಯಾರ್ಥಿಗಳು ಈ ಶಿಬಿರದ ಸದುಪಯೋಗ ಪಡಿಸಿಕೊಳ್ಳಬೇಕು. ಉದ್ಯಮಶೀಲತೆ ಬೆಳೆಸಿಕೊಂಡು ಕೌಶಲ ಅಭಿವೃದ್ಧಿ ಪಡಿಸಿಕೊಂಡರೆ ಯಶಸ್ಸು ಸಾಧ್ಯ ಎಂದರು.
ಮುಖ್ಯಸ್ಥ ಡಾ.ಎಸ್. ಮುರಳೀಧರ್ ಮಾತನಾಡಿ, ವಿದ್ಯಾರ್ಥಿಗಳನ್ನು ಉದ್ಯಮಿಗಳನ್ನಾಗಿ ರೂಪಿಸಲು ಇಂತಹ ಶಿಬಿರಗಳು ಸಹಕಾರಿಯಾಗಲಿವೆ ಎಂದು ತಿಳಿಸಿದರು. ವಾಣಿಜ್ಯ ವಿಭಾಗದ ಪ್ರಾಧ್ಯಾಪಕ ಶೈಲಜಾ, ಕಾಲೇಜಿನ ಉಪನ್ಯಾಸಕ ಕೆ.ಎನ್. ಶ್ರೀನಿವಾಸಮೂರ್ತಿ ಹಾಜರಿದ್ದರು.
